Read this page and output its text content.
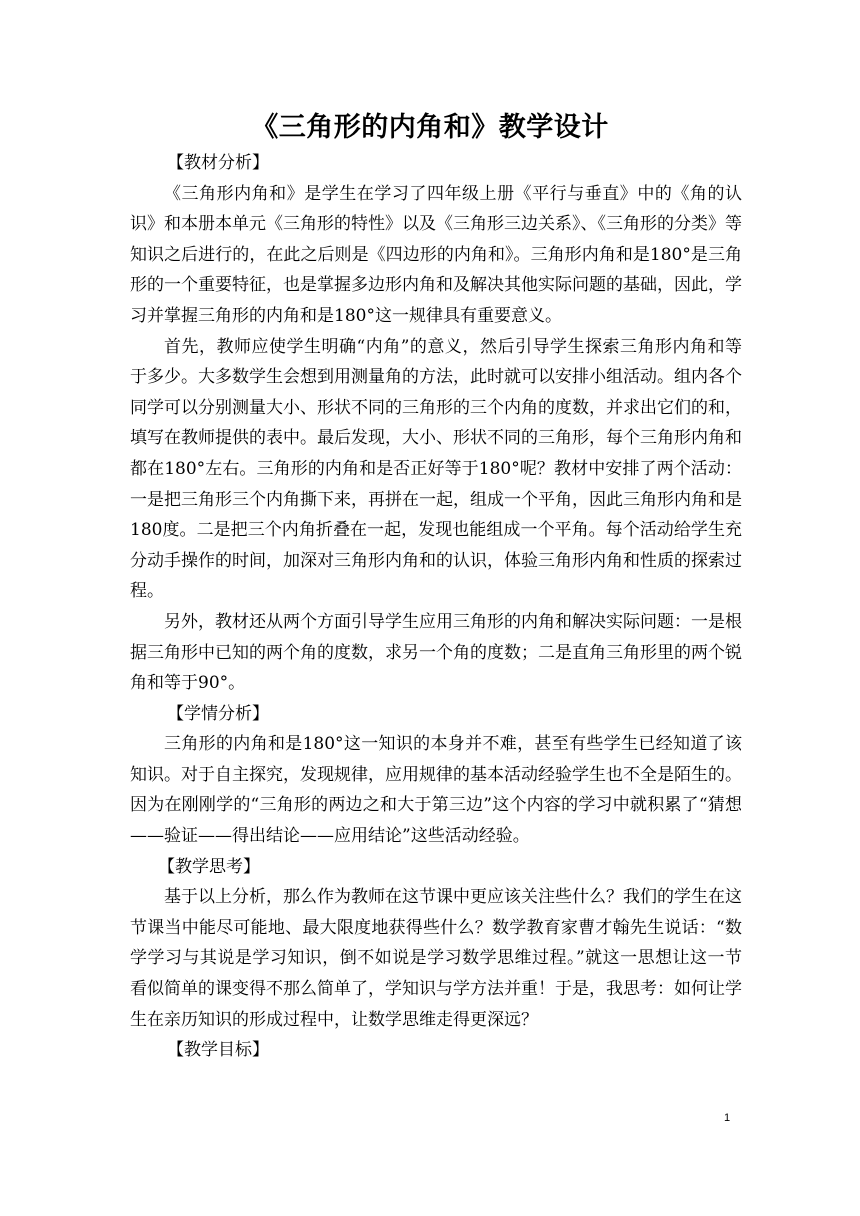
《三角形的内角和》教学设计

【教材分析】

《三角形内角和》是学生在学习了四年级上册《平行与垂直》中的《角的认识》和本册本单元《三角形的特性》以及《三角形三边关系》、《三角形的分类》等知识之后进行的，在此之后则是《四边形的内角和》。三角形内角和是180°是三角形的一个重要特征，也是掌握多边形内角和及解决其他实际问题的基础，因此，学习并掌握三角形的内角和是180°这一规律具有重要意义。

首先，教师应使学生明确“内角”的意义，然后引导学生探索三角形内角和等于多少。大多数学生会想到用测量角的方法，此时就可以安排小组活动。组内各个同学可以分别测量大小、形状不同的三角形的三个内角的度数，并求出它们的和，填写在教师提供的表中。最后发现，大小、形状不同的三角形，每个三角形内角和都在180°左右。三角形的内角和是否正好等于180°呢？教材中安排了两个活动：一是把三角形三个内角撕下来，再拼在一起，组成一个平角，因此三角形内角和是180度。二是把三个内角折叠在一起，发现也能组成一个平角。每个活动给学生充分动手操作的时间，加深对三角形内角和的认识，体验三角形内角和性质的探索过程。

另外，教材还从两个方面引导学生应用三角形的内角和解决实际问题：一是根据三角形中已知的两个角的度数，求另一个角的度数；二是直角三角形里的两个锐角和等于90°。

【学情分析】

三角形的内角和是180°这一知识的本身并不难，甚至有些学生已经知道了该知识。对于自主探究，发现规律，应用规律的基本活动经验学生也不全是陌生的。因为在刚刚学的“三角形的两边之和大于第三边”这个内容的学习中就积累了“猜想——验证——得出结论——应用结论”这些活动经验。

【教学思考】

基于以上分析，那么作为教师在这节课中更应该关注些什么？我们的学生在这节课当中能尽可能地、最大限度地获得些什么？数学教育家曹才翰先生说话：“数学学习与其说是学习知识，倒不如说是学习数学思维过程。”就这一思想让这一节看似简单的课变得不那么简单了，学知识与学方法并重！于是，我思考：如何让学生在亲历知识的形成过程中，让数学思维走得更深远？

【教学目标】

1
